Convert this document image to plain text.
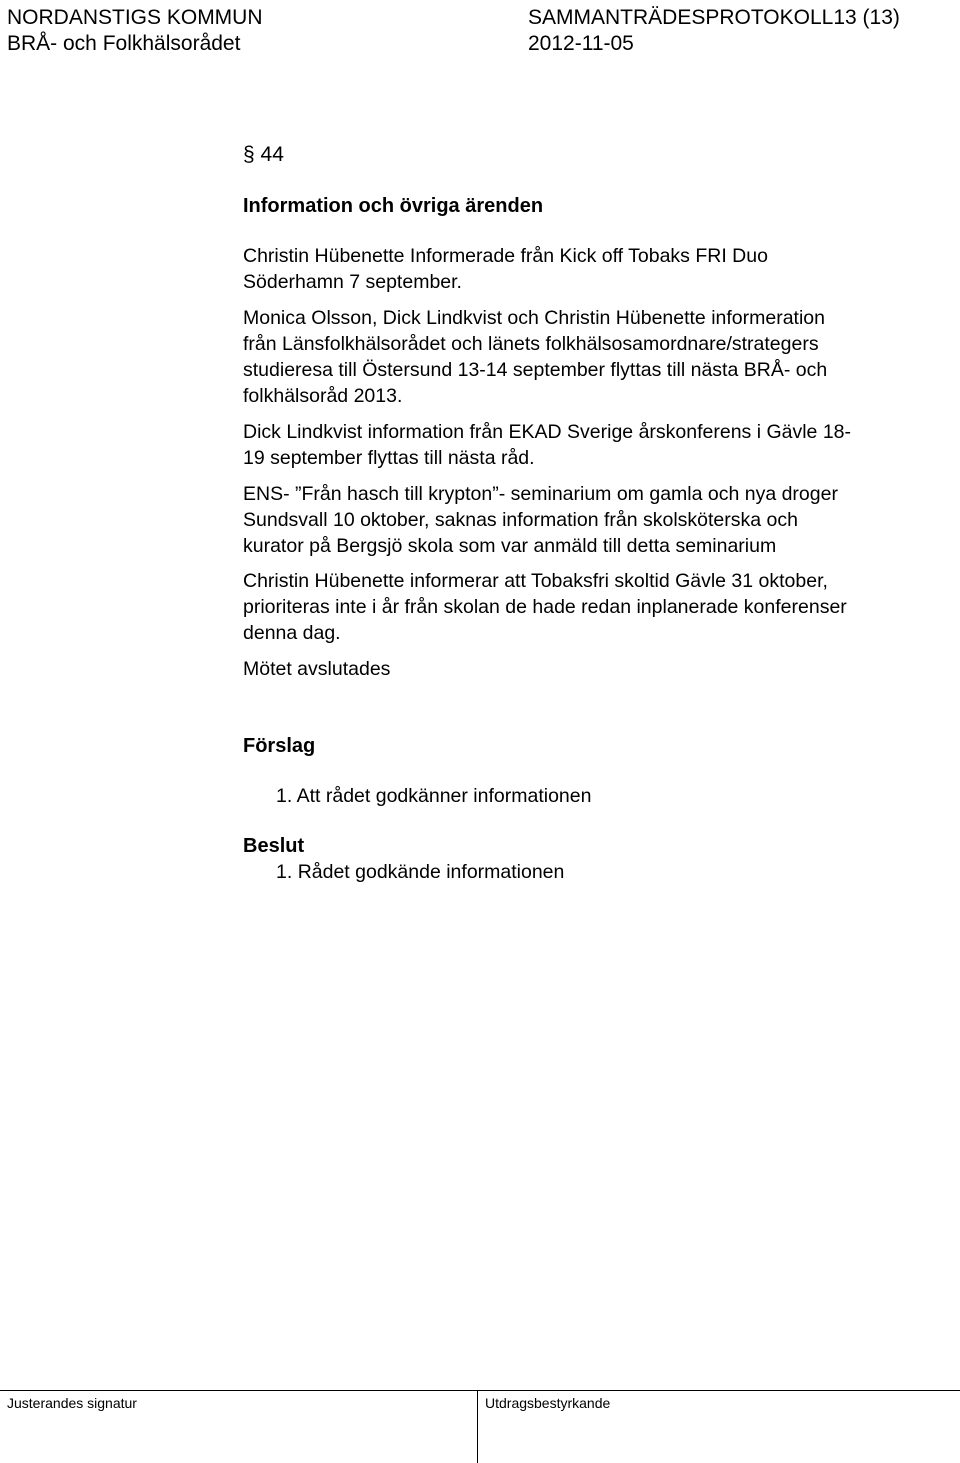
NORDANSTIGS KOMMUN	SAMMANTRÄDESPROTOKOLL13 (13)
BRÅ- och Folkhälsorådet	2012-11-05
§ 44
Information och övriga ärenden
Christin Hübenette Informerade från Kick off Tobaks FRI Duo
Söderhamn 7 september.
Monica Olsson, Dick Lindkvist och Christin Hübenette informeration
från Länsfolkhälsorådet och länets folkhälsosamordnare/strategers
studieresa till Östersund 13-14 september flyttas till nästa BRÅ- och
folkhälsoråd 2013.
Dick Lindkvist information från EKAD Sverige årskonferens i Gävle 18-
19 september flyttas till nästa råd.
ENS- ”Från hasch till krypton”- seminarium om gamla och nya droger
Sundsvall 10 oktober, saknas information från skolsköterska och
kurator på Bergsjö skola som var anmäld till detta seminarium
Christin Hübenette informerar att Tobaksfri skoltid Gävle 31 oktober,
prioriteras inte i år från skolan de hade redan inplanerade konferenser
denna dag.
Mötet avslutades
Förslag
1. Att rådet godkänner informationen
Beslut
1. Rådet godkände informationen
Justerandes signatur	Utdragsbestyrkande
